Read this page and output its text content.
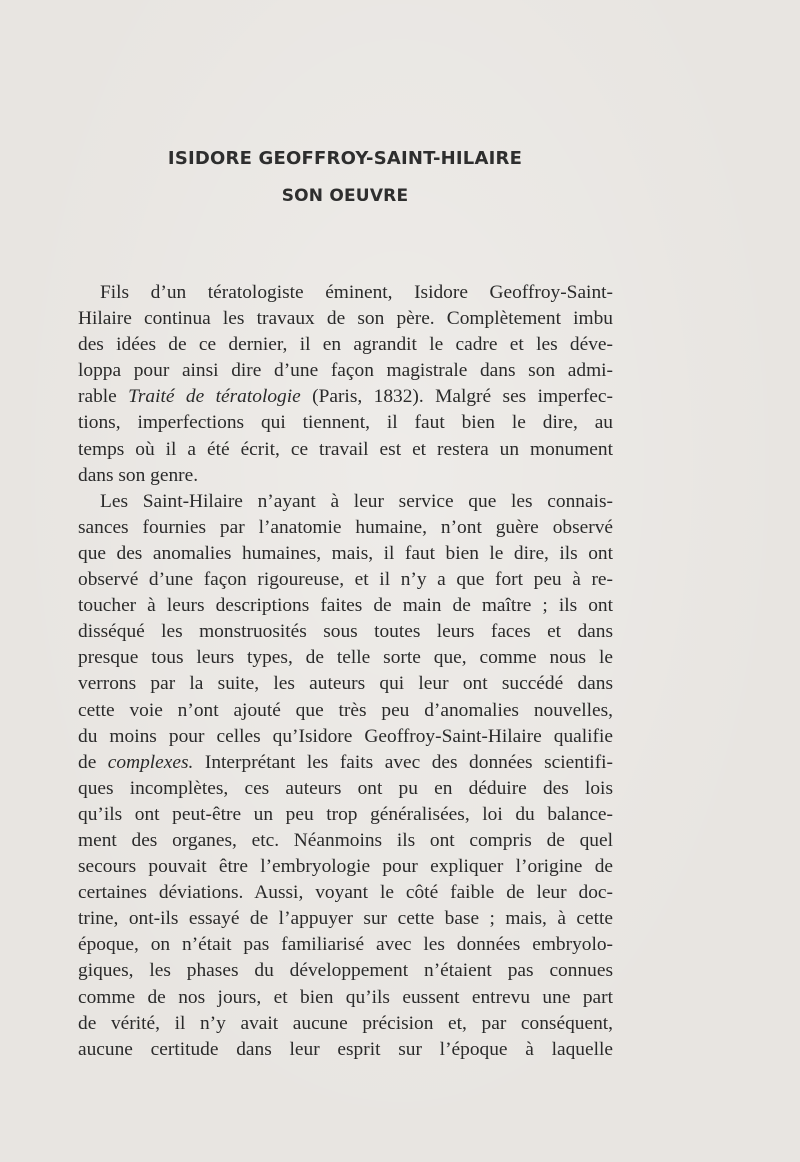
ISIDORE GEOFFROY-SAINT-HILAIRE
SON OEUVRE
Fils d’un tératologiste éminent, Isidore Geoffroy-Saint-
Hilaire continua les travaux de son père. Complètement imbu
des idées de ce dernier, il en agrandit le cadre et les déve-
loppa pour ainsi dire d’une façon magistrale dans son admi-
rable Traité de tératologie (Paris, 1832). Malgré ses imperfec-
tions, imperfections qui tiennent, il faut bien le dire, au
temps où il a été écrit, ce travail est et restera un monument
dans son genre.
Les Saint-Hilaire n’ayant à leur service que les connais-
sances fournies par l’anatomie humaine, n’ont guère observé
que des anomalies humaines, mais, il faut bien le dire, ils ont
observé d’une façon rigoureuse, et il n’y a que fort peu à re-
toucher à leurs descriptions faites de main de maître ; ils ont
disséqué les monstruosités sous toutes leurs faces et dans
presque tous leurs types, de telle sorte que, comme nous le
verrons par la suite, les auteurs qui leur ont succédé dans
cette voie n’ont ajouté que très peu d’anomalies nouvelles,
du moins pour celles qu’Isidore Geoffroy-Saint-Hilaire qualifie
de complexes. Interprétant les faits avec des données scientifi-
ques incomplètes, ces auteurs ont pu en déduire des lois
qu’ils ont peut-être un peu trop généralisées, loi du balance-
ment des organes, etc. Néanmoins ils ont compris de quel
secours pouvait être l’embryologie pour expliquer l’origine de
certaines déviations. Aussi, voyant le côté faible de leur doc-
trine, ont-ils essayé de l’appuyer sur cette base ; mais, à cette
époque, on n’était pas familiarisé avec les données embryolo-
giques, les phases du développement n’étaient pas connues
comme de nos jours, et bien qu’ils eussent entrevu une part
de vérité, il n’y avait aucune précision et, par conséquent,
aucune certitude dans leur esprit sur l’époque à laquelle
